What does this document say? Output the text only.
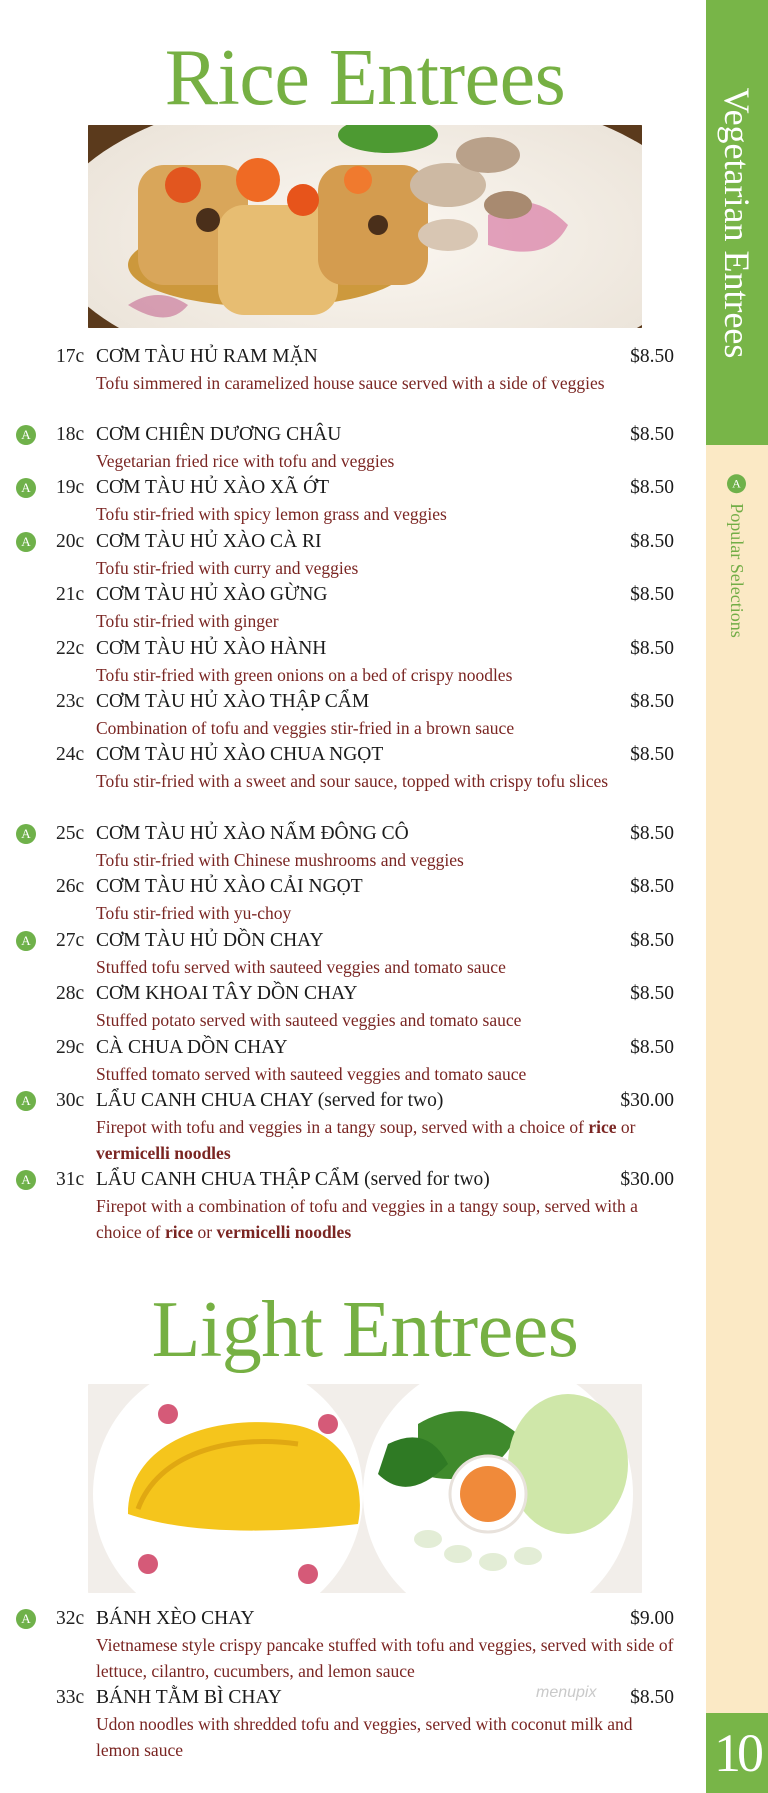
Rice Entrees
17c CƠM TÀU HỦ RAM MẶN	$8.50
Tofu simmered in caramelized house sauce served with a side of veggies
A 18c CƠM CHIÊN DƯƠNG CHÂU	$8.50
Vegetarian fried rice with tofu and veggies
A 19c CƠM TÀU HỦ XÀO XÃ ỚT	$8.50
Tofu stir-fried with spicy lemon grass and veggies
A 20c CƠM TÀU HỦ XÀO CÀ RI	$8.50
Tofu stir-fried with curry and veggies
21c CƠM TÀU HỦ XÀO GỪNG	$8.50
Tofu stir-fried with ginger
22c CƠM TÀU HỦ XÀO HÀNH	$8.50
Tofu stir-fried with green onions on a bed of crispy noodles
23c CƠM TÀU HỦ XÀO THẬP CẨM	$8.50
Combination of tofu and veggies stir-fried in a brown sauce
24c CƠM TÀU HỦ XÀO CHUA NGỌT	$8.50
Tofu stir-fried with a sweet and sour sauce, topped with crispy tofu slices
A 25c CƠM TÀU HỦ XÀO NẤM ĐÔNG CÔ	$8.50
Tofu stir-fried with Chinese mushrooms and veggies
26c CƠM TÀU HỦ XÀO CẢI NGỌT	$8.50
Tofu stir-fried with yu-choy
A 27c CƠM TÀU HỦ DỒN CHAY	$8.50
Stuffed tofu served with sauteed veggies and tomato sauce
28c CƠM KHOAI TÂY DỒN CHAY	$8.50
Stuffed potato served with sauteed veggies and tomato sauce
29c CÀ CHUA DỒN CHAY	$8.50
Stuffed tomato served with sauteed veggies and tomato sauce
A 30c LẨU CANH CHUA CHAY (served for two)	$30.00
Firepot with tofu and veggies in a tangy soup, served with a choice of rice or vermicelli noodles
A 31c LẨU CANH CHUA THẬP CẨM (served for two)	$30.00
Firepot with a combination of tofu and veggies in a tangy soup, served with a choice of rice or vermicelli noodles
Light Entrees
A 32c BÁNH XÈO CHAY	$9.00
Vietnamese style crispy pancake stuffed with tofu and veggies, served with side of lettuce, cilantro, cucumbers, and lemon sauce
33c BÁNH TẰM BÌ CHAY	$8.50
Udon noodles with shredded tofu and veggies, served with coconut milk and lemon sauce
menupix
Vegetarian Entrees
A
Popular Selections
10
